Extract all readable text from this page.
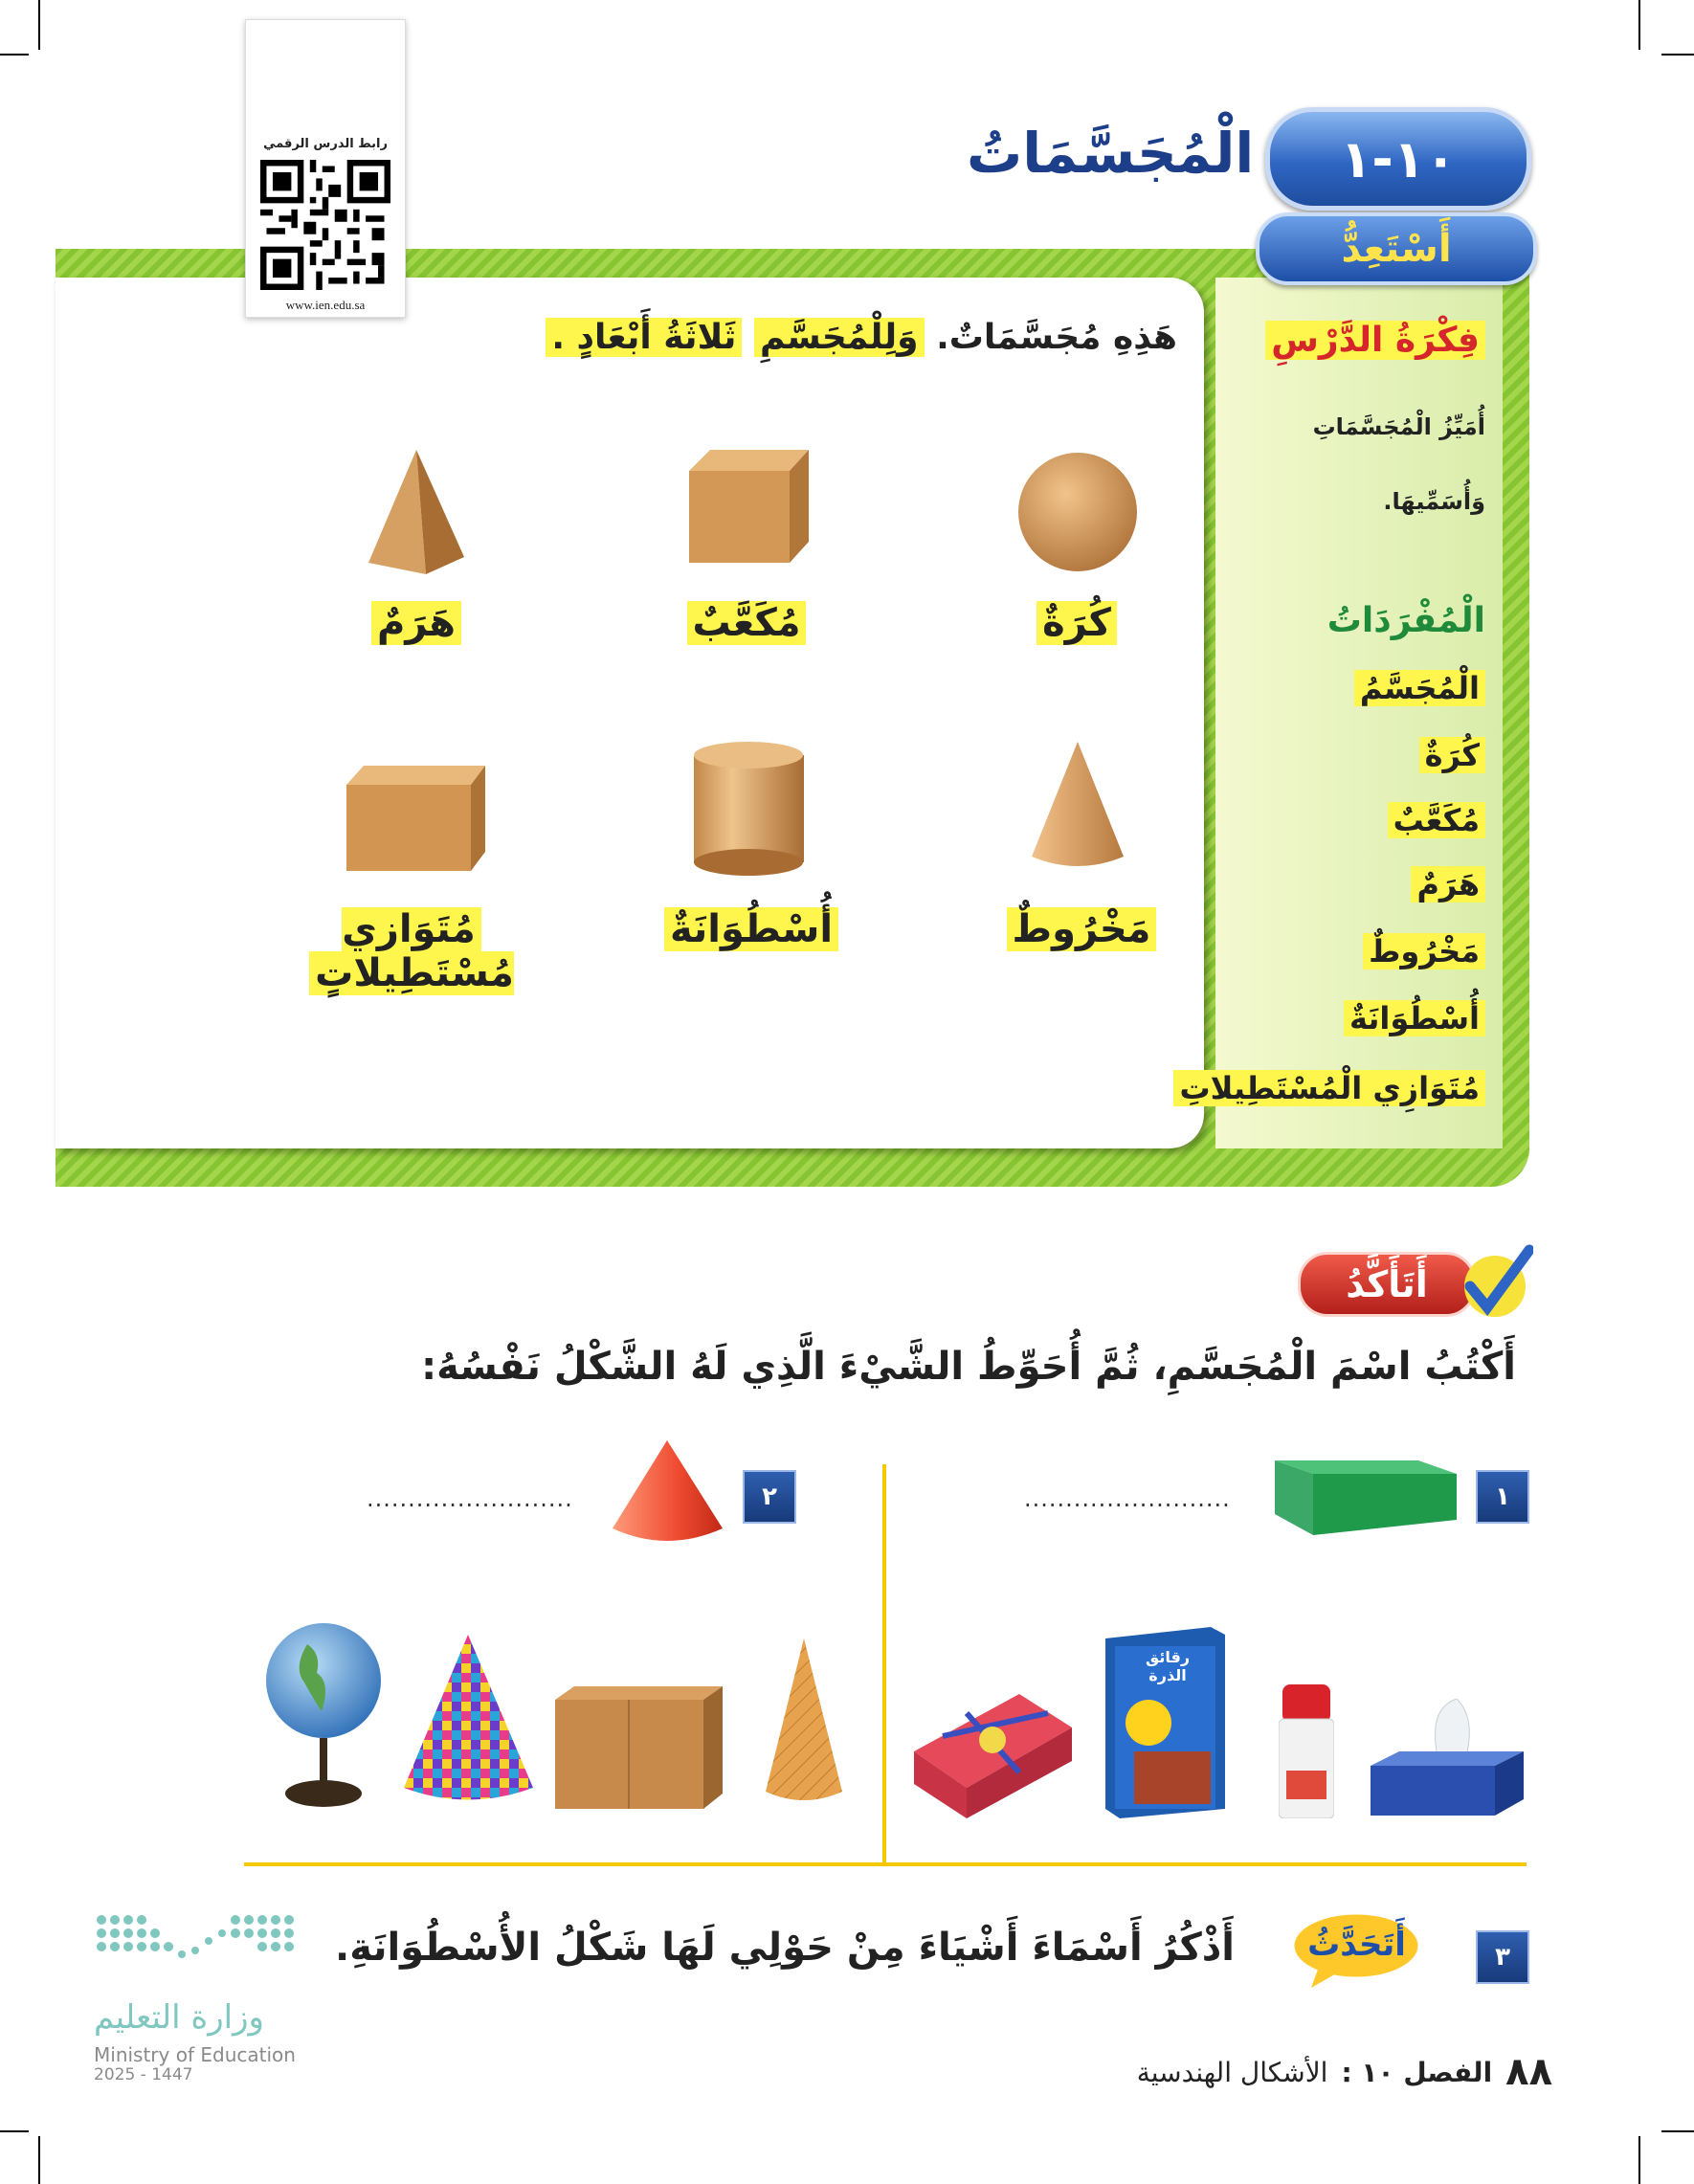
رابط الدرس الرقمي
www.ien.edu.sa
١٠-١
الْمُجَسَّمَاتُ
أَسْتَعِدُّ
فِكْرَةُ الدَّرْسِ
أُمَيِّزُ الْمُجَسَّمَاتِ
وَأُسَمِّيهَا.
الْمُفْرَدَاتُ
الْمُجَسَّمُ
كُرَةٌ
مُكَعَّبٌ
هَرَمٌ
مَخْرُوطٌ
أُسْطُوَانَةٌ
مُتَوَازِي الْمُسْتَطِيلاتِ
هَذِهِ مُجَسَّمَاتٌ. وَلِلْمُجَسَّمِ ثَلاثَةُ أَبْعَادٍ .
كُرَةٌ
مُكَعَّبٌ
هَرَمٌ
مَخْرُوطٌ
أُسْطُوَانَةٌ
مُتَوَازِي مُسْتَطِيلاتٍ
أَتَأَكَّدُ
أَكْتُبُ اسْمَ الْمُجَسَّمِ، ثُمَّ أُحَوِّطُ الشَّيْءَ الَّذِي لَهُ الشَّكْلُ نَفْسُهُ:
١
.........................
٢
.........................
رقائق الذرة
٣
أَتَحَدَّثُ
أَذْكُرُ أَسْمَاءَ أَشْيَاءَ مِنْ حَوْلِي لَهَا شَكْلُ الأُسْطُوَانَةِ.
وزارة التعليم
Ministry of Education
2025 - 1447	٨٨
الفصل ١٠ :
الأشكال الهندسية
